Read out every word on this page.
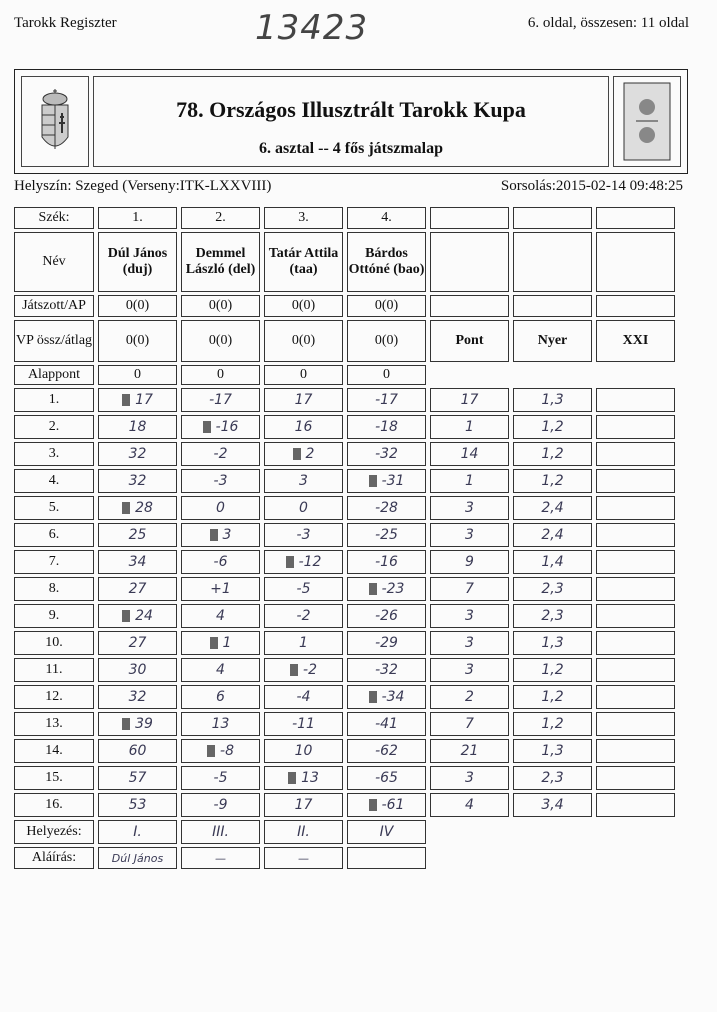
Tarokk Regiszter	13423	6. oldal, összesen: 11 oldal
78. Országos Illusztrált Tarokk Kupa
6. asztal -- 4 fős játszmalap
Helyszín: Szeged (Verseny:ITK-LXXVIII)	Sorsolás:2015-02-14 09:48:25
Szék:	1.	2.	3.	4.			
Név	Dúl János (duj)	Demmel László (del)	Tatár Attila (taa)	Bárdos Ottóné (bao)			
Játszott/AP	0(0)	0(0)	0(0)	0(0)			
VP össz/átlag	0(0)	0(0)	0(0)	0(0)	Pont	Nyer	XXI
Alappont	0	0	0	0			
1.	17	-17	17	-17	17	1,3	
2.	18	-16	16	-18	1	1,2	
3.	32	-2	2	-32	14	1,2	
4.	32	-3	3	-31	1	1,2	
5.	28	0	0	-28	3	2,4	
6.	25	3	-3	-25	3	2,4	
7.	34	-6	-12	-16	9	1,4	
8.	27	+1	-5	-23	7	2,3	
9.	24	4	-2	-26	3	2,3	
10.	27	1	1	-29	3	1,3	
11.	30	4	-2	-32	3	1,2	
12.	32	6	-4	-34	2	1,2	
13.	39	13	-11	-41	7	1,2	
14.	60	-8	10	-62	21	1,3	
15.	57	-5	13	-65	3	2,3	
16.	53	-9	17	-61	4	3,4	
Helyezés:	I.	III.	II.	IV			
Aláírás:	Dúl János	—	—				
